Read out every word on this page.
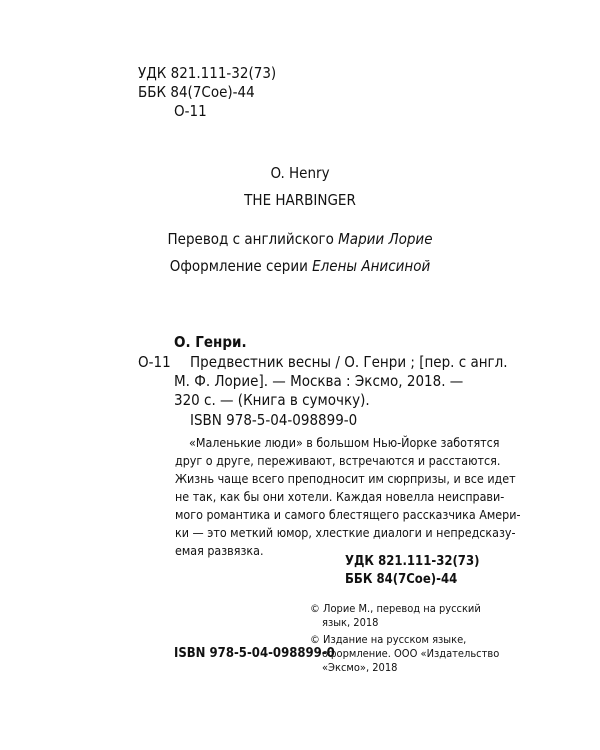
УДК 821.111-32(73)
ББК 84(7Сое)-44
О-11
O. Henry
THE HARBINGER
Перевод с английского Марии Лорие
Оформление серии Елены Анисиной
О. Генри.
О-11 Предвестник весны / О. Генри ; [пер. с англ.
М. Ф. Лорие]. — Москва : Эксмо, 2018. —
320 с. — (Книга в сумочку).
ISBN 978-5-04-098899-0
«Маленькие люди» в большом Нью-Йорке заботятся
друг о друге, переживают, встречаются и расстаются.
Жизнь чаще всего преподносит им сюрпризы, и все идет
не так, как бы они хотели. Каждая новелла неисправи-
мого романтика и самого блестящего рассказчика Амери-
ки — это меткий юмор, хлесткие диалоги и непредсказу-
емая развязка.
УДК 821.111-32(73)
ББК 84(7Сое)-44
© Лорие М., перевод на русский
язык, 2018
© Издание на русском языке,
оформление. ООО «Издательство
«Эксмо», 2018
ISBN 978-5-04-098899-0
